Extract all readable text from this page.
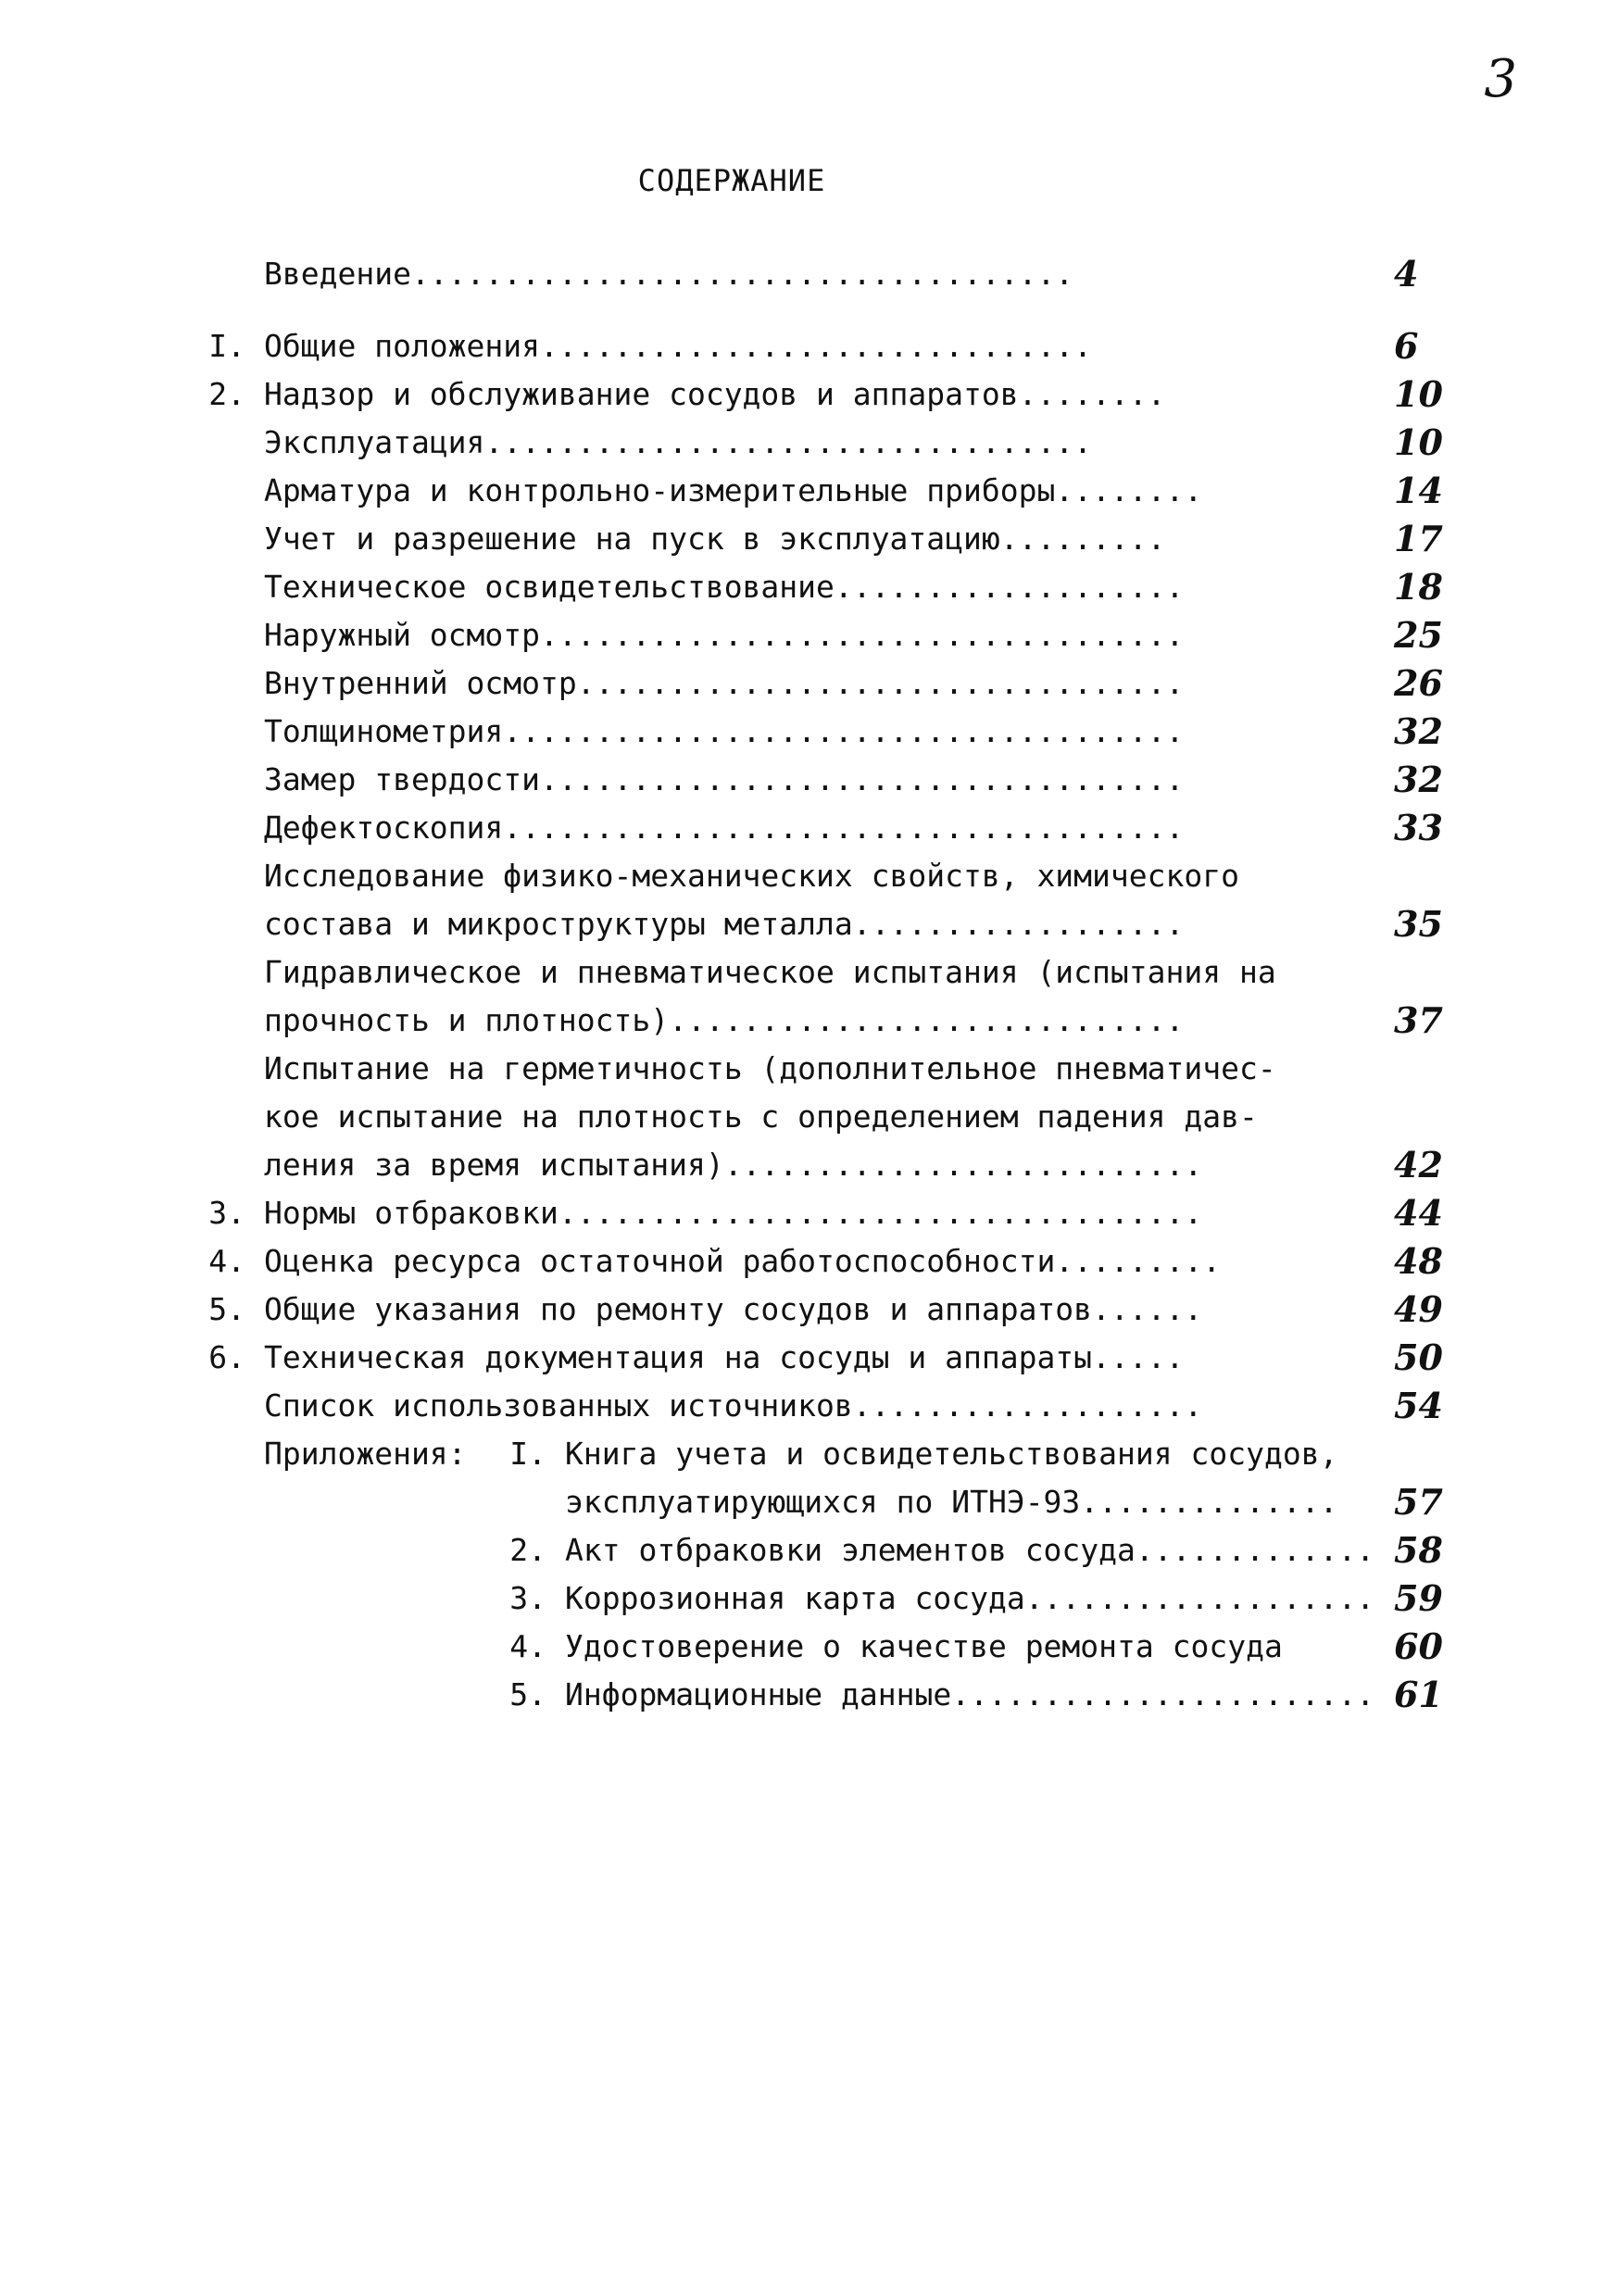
3
СОДЕРЖАНИЕ
Введение....................................	4
I. Общие положения..............................	6
2. Надзор и обслуживание сосудов и аппаратов........	10
Эксплуатация.................................	10
Арматура и контрольно-измерительные приборы........	14
Учет и разрешение на пуск в эксплуатацию.........	17
Техническое освидетельствование...................	18
Наружный осмотр...................................	25
Внутренний осмотр.................................	26
Толщинометрия.....................................	32
Замер твердости...................................	32
Дефектоскопия.....................................	33
Исследование физико-механических свойств, химического
состава и микроструктуры металла..................	35
Гидравлическое и пневматическое испытания (испытания на
прочность и плотность)............................	37
Испытание на герметичность (дополнительное пневматичес-
кое испытание на плотность с определением падения дав-
ления за время испытания)..........................	42
3. Нормы отбраковки...................................	44
4. Оценка ресурса остаточной работоспособности.........	48
5. Общие указания по ремонту сосудов и аппаратов......	49
6. Техническая документация на сосуды и аппараты.....	50
Список использованных источников...................	54
Приложения:	I. Книга учета и освидетельствования сосудов,
эксплуатирующихся по ИТНЭ-93.............. 57
2. Акт отбраковки элементов сосуда............. 58
3. Коррозионная карта сосуда................... 59
4. Удостоверение о качестве ремонта сосуда	60
5. Информационные данные....................... 61
